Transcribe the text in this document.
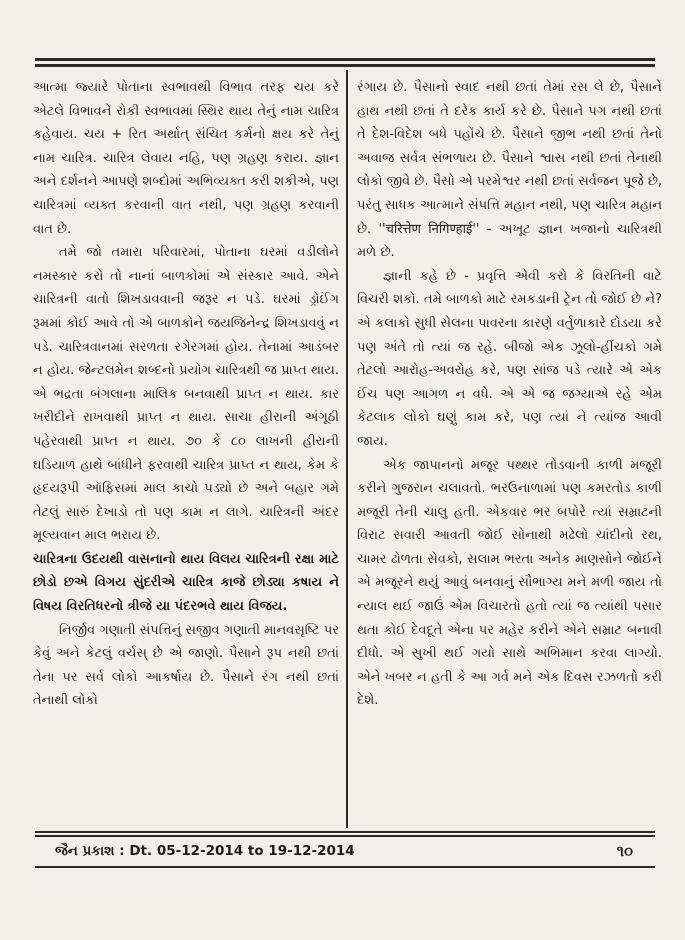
આત્મા જ્યારે પોતાના સ્વભાવથી વિભાવ તરફ ચય કરે એટલે વિભાવને રોકી સ્વભાવમાં સ્થિર થાય તેનું નામ ચારિત્ર કહેવાય. ચય + રિત અર્થાત્ સંચિત કર્મનો ક્ષય કરે તેનું નામ ચારિત્ર. ચારિત્ર લેવાય નહિ, પણ ગ્રહણ કરાય. જ્ઞાન અને દર્શનને આપણે શબ્દોમાં અભિવ્યક્ત કરી શકીએ, પણ ચારિત્રમાં વ્યક્ત કરવાની વાત નથી, પણ ગ્રહણ કરવાની વાત છે.

તમે જો તમારા પરિવારમાં, પોતાના ઘરમાં વડીલોને નમસ્કાર કરો તો નાનાં બાળકોમાં એ સંસ્કાર આવે. એને ચારિત્રની વાતો શિખડાવવાની જરૂર ન પડે. ઘરમાં ડ્રોઈંગ રૂમમાં કોઈ આવે તો એ બાળકોને જયજિનેન્દ્ર શિખડાવવું ન પડે. ચારિત્રવાનમાં સરળતા રગેરગમાં હોય. તેનામાં આડંબર ન હોય. જેન્ટલમેન શબ્દનો પ્રયોગ ચારિત્રથી જ પ્રાપ્ત થાય. એ ભદ્રતા બંગલાના માલિક બનવાથી પ્રાપ્ત ન થાય. કાર ખરીદીને રાખવાથી પ્રાપ્ત ન થાય. સાચા હીરાની અંગૂઠી પહેરવાથી પ્રાપ્ત ન થાય. ૭૦ કે ૮૦ લાખની હીરાની ઘડિયાળ હાથે બાંધીને ફરવાથી ચારિત્ર પ્રાપ્ત ન થાય, કેમ કે હૃદયરૂપી ઑફિસમાં માલ કાચો પડ્યો છે અને બહાર ગમે તેટલું સારું દેખાડો તો પણ કામ ન લાગે. ચારિત્રની અંદર મૂલ્યવાન માલ ભરાય છે.

ચારિત્રના ઉદયથી વાસનાનો થાય વિલય ચારિત્રની રક્ષા માટે છોડો છએ વિગય સુંદરીએ ચારિત્ર કાજે છોડ્યા કષાય ને વિષય વિરતિધરનો ત્રીજે યા પંદરભવે થાય વિજય.

નિર્જીવ ગણાતી સંપત્તિનું સજીવ ગણાતી માનવસૃષ્ટિ પર કેવું અને કેટલું વર્ચસ્ છે એ જાણો. પૈસાને રૂપ નથી છતાં તેના પર સર્વ લોકો આકર્ષાય છે. પૈસાને રંગ નથી છતાં તેનાથી લોકો

રંગાય છે. પૈસાનો સ્વાદ નથી છતાં તેમાં રસ લે છે, પૈસાને હાથ નથી છતાં તે દરેક કાર્ય કરે છે. પૈસાને પગ નથી છતાં તે દેશ-વિદેશ બધે પહોંચે છે. પૈસાને જીભ નથી છતાં તેનો અવાજ સર્વત્ર સંભળાય છે. પૈસાને શ્વાસ નથી છતાં તેનાથી લોકો જીવે છે. પૈસો એ પરમેશ્વર નથી છતાં સર્વજન પૂજે છે, પરંતુ સાધક આત્માને સંપત્તિ મહાન નથી, પણ ચારિત્ર મહાન છે. ''चरित्तेण निगिण्हाई'' - અખૂટ જ્ઞાન ખજાનો ચારિત્રથી મળે છે.

જ્ઞાની કહે છે - પ્રવૃત્તિ એવી કરો કે વિરતિની વાટે વિચરી શકો. તમે બાળકો માટે રમકડાની ટ્રેન તો જોઈ છે ને? એ કલાકો સુધી સેલના પાવરના કારણે વર્તુળાકારે દોડયા કરે પણ અંતે તો ત્યાં જ રહે. બીજો એક ઝૂલો-હીંચકો ગમે તેટલો આરોહ-અવરોહ કરે, પણ સાંજ પડે ત્યારે એ એક ઈંચ પણ આગળ ન વધે. એ એ જ જગ્યાએ રહે એમ કેટલાક લોકો ઘણું કામ કરે, પણ ત્યાં ને ત્યાંજ આવી જાય.

એક જાપાનનો મજૂર પથ્થર તોડવાની કાળી મજૂરી કરીને ગુજરાન ચલાવતો. ભરઉનાળામાં પણ કમરતોડ કાળી મજૂરી તેની ચાલુ હતી. એકવાર ભર બપોરે ત્યાં સમ્રાટની વિરાટ સવારી આવતી જોઈ સોનાથી મઢેલો ચાંદીનો રથ, ચામર ઢોળતા સેવકો, સલામ ભરતા અનેક માણસોને જોઈને એ મજૂરને થયું આવું બનવાનું સૌભાગ્ય મને મળી જાય તો ન્યાલ થઈ જાઉં એમ વિચારતો હતો ત્યાં જ ત્યાંથી પસાર થતા કોઈ દેવદૂતે એના પર મહેર કરીને એને સમ્રાટ બનાવી દીધો. એ સુખી થઈ ગયો સાથે અભિમાન કરવા લાગ્યો. એને ખબર ન હતી કે આ ગર્વ મને એક દિવસ રઝળતો કરી દેશે.

જૈન પ્રકાશ : Dt. 05-12-2014 to 19-12-2014	૧૦
